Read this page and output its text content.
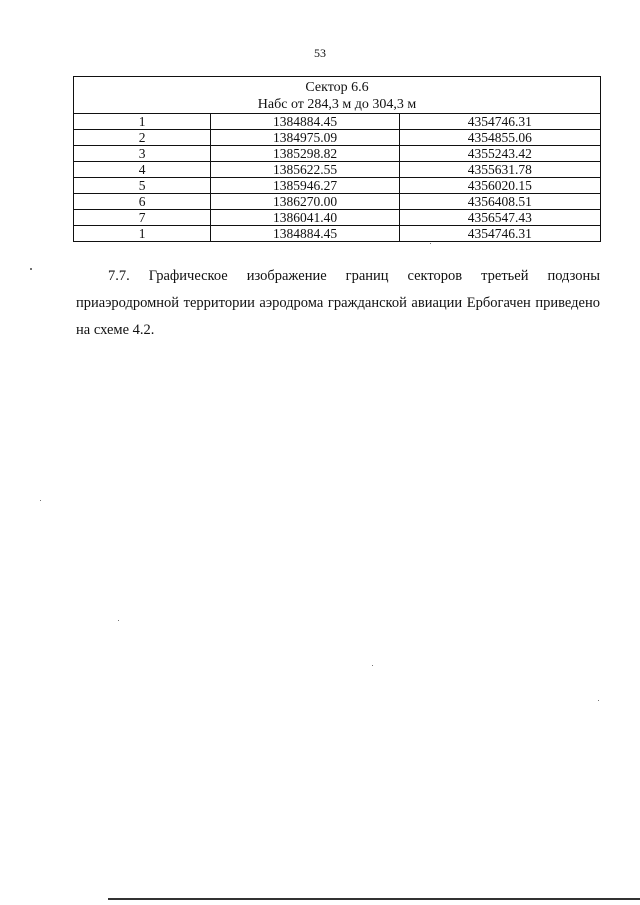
53
Сектор 6.6
Набс от 284,3 м до 304,3 м		

1	1384884.45	4354746.31
2	1384975.09	4354855.06
3	1385298.82	4355243.42
4	1385622.55	4355631.78
5	1385946.27	4356020.15
6	1386270.00	4356408.51
7	1386041.40	4356547.43
1	1384884.45	4354746.31
7.7. Графическое изображение границ секторов третьей подзоны
приаэродромной территории аэродрома гражданской авиации Ербогачен приведено
на схеме 4.2.
